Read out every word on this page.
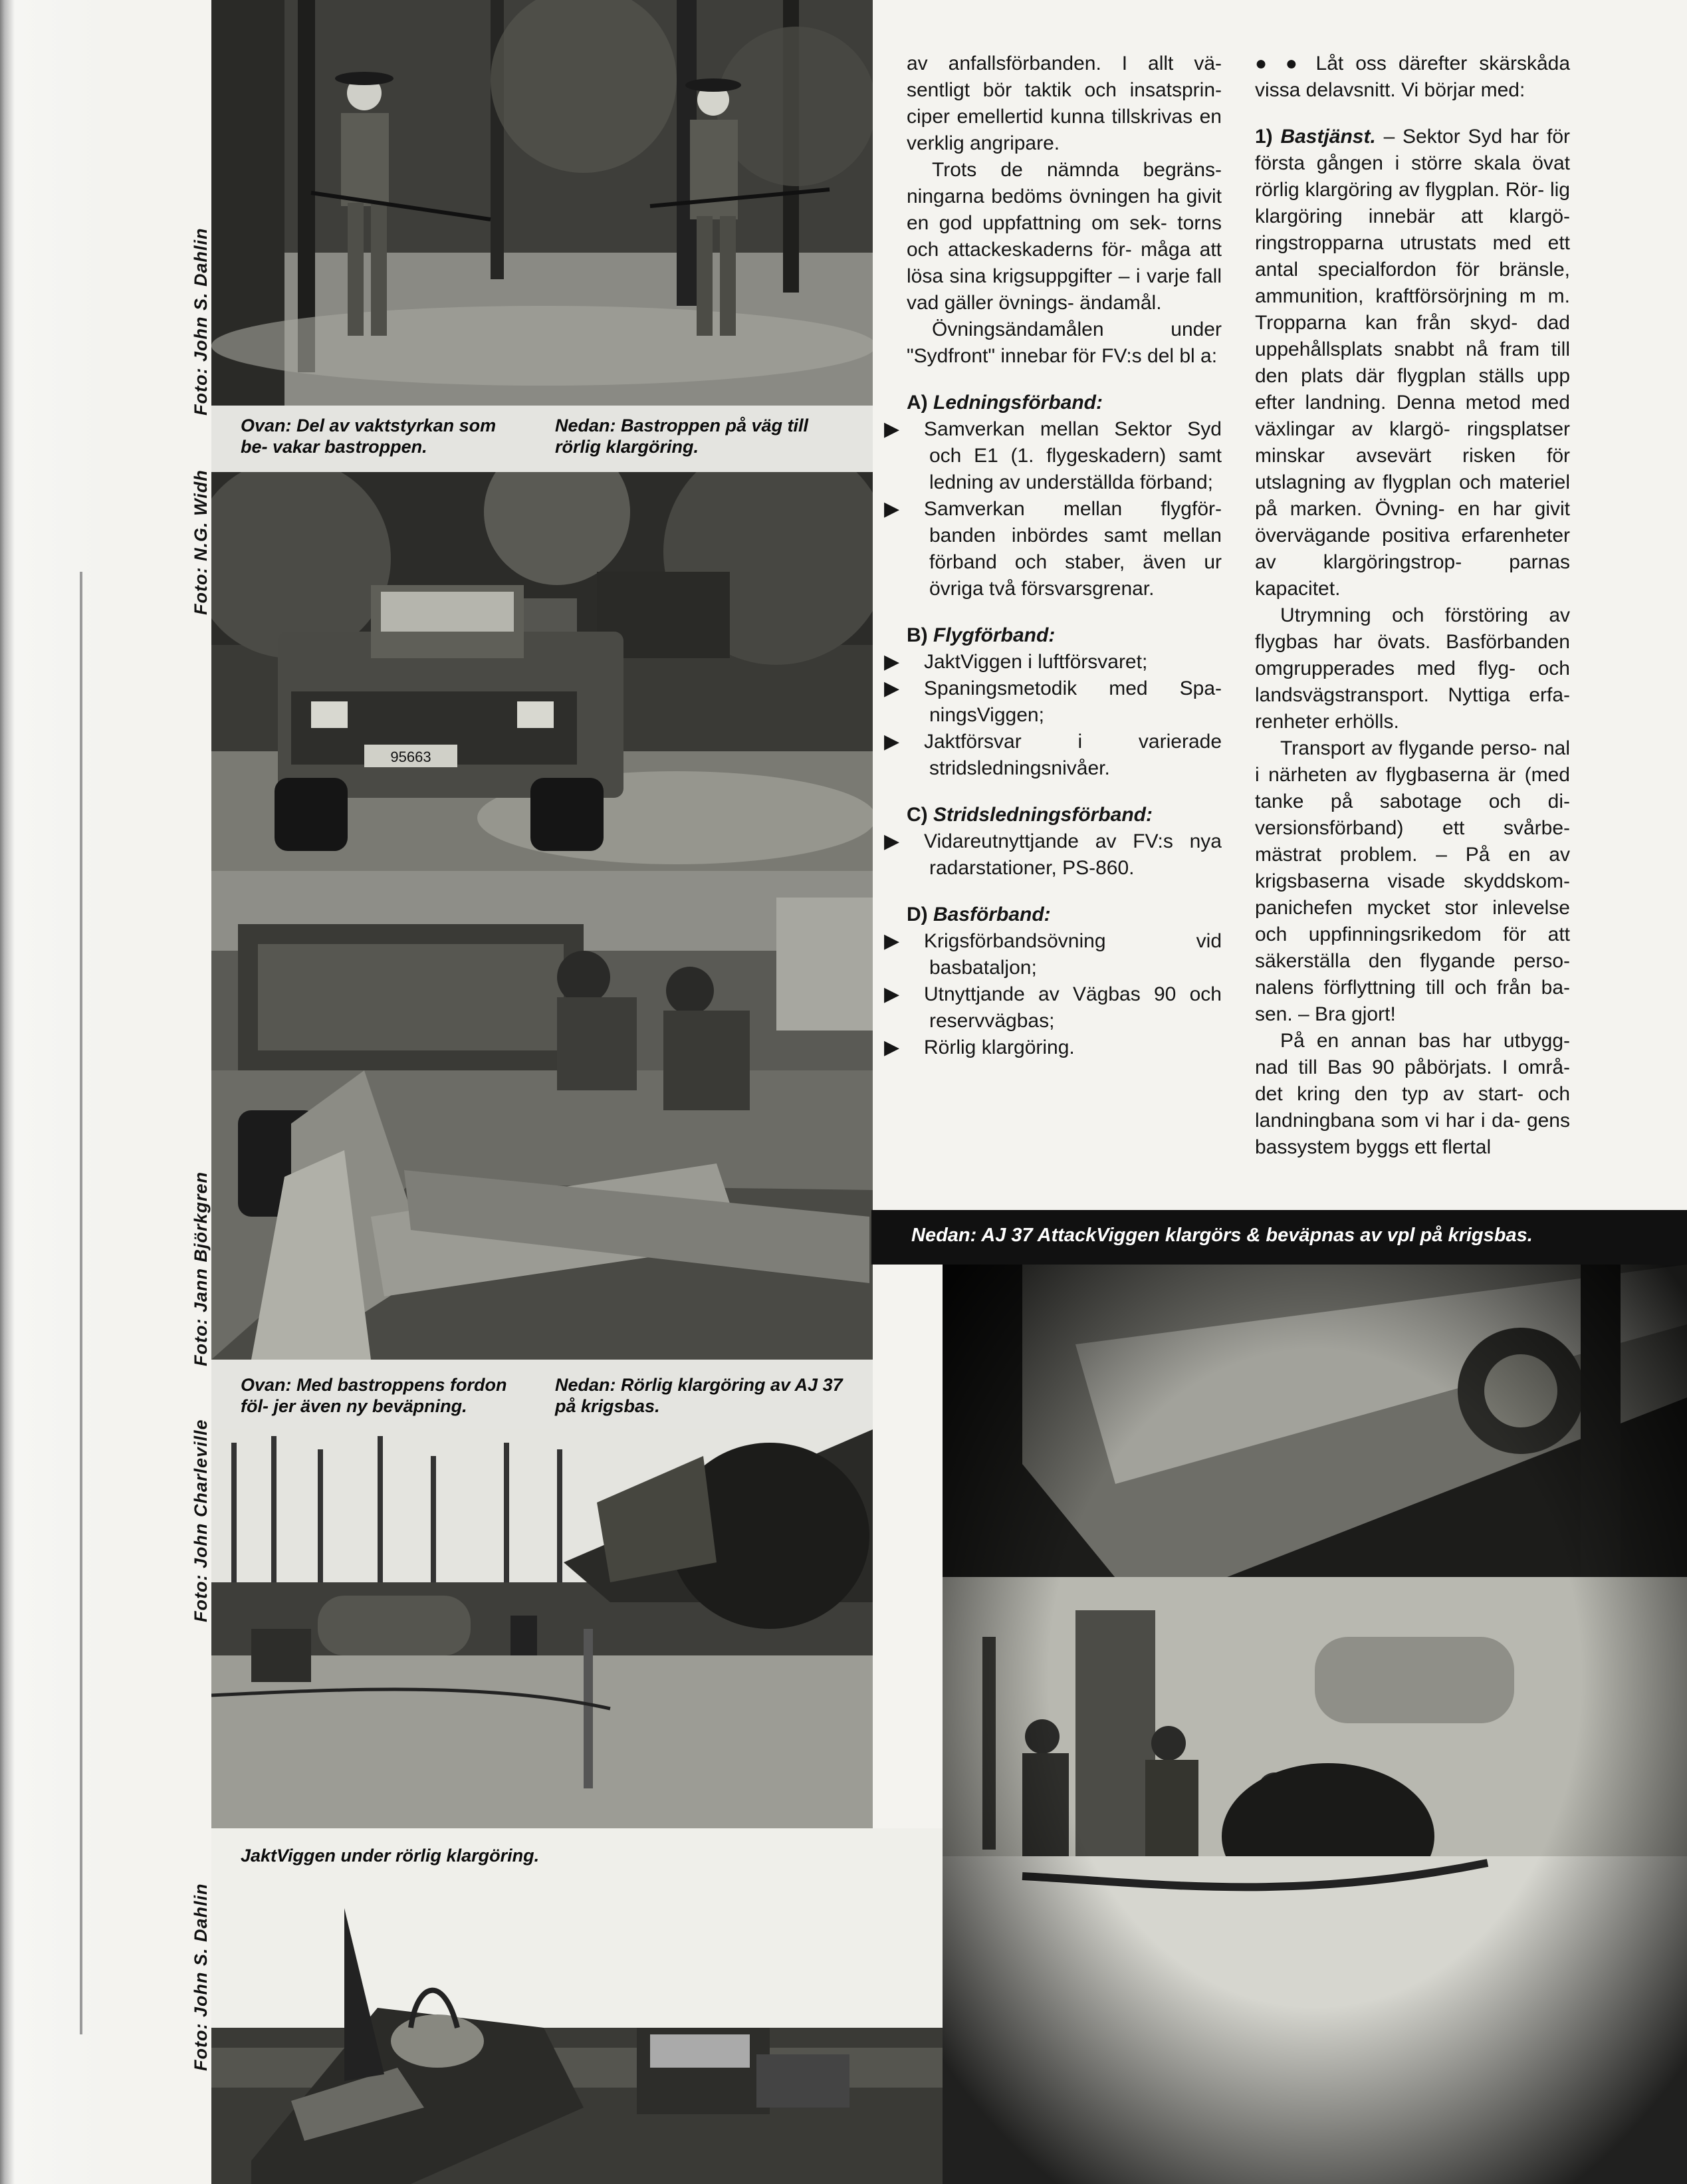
Foto: John S. Dahlin
Foto: N.G. Widh
Foto: Jann Björkgren
Foto: John Charleville
Foto: John S. Dahlin
Ovan: Del av vaktstyrkan som be- vakar bastroppen.
Nedan: Bastroppen på väg till rörlig klargöring.
95663
Ovan: Med bastroppens fordon föl- jer även ny beväpning.
Nedan: Rörlig klargöring av AJ 37 på krigsbas.
JaktViggen under rörlig klargöring.

av anfallsförbanden. I allt vä- sentligt bör taktik och insatsprin- ciper emellertid kunna tillskrivas en verklig angripare.

Trots de nämnda begräns- ningarna bedöms övningen ha givit en god uppfattning om sek- torns och attackeskaderns för- måga att lösa sina krigsuppgifter – i varje fall vad gäller övnings- ändamål.

Övningsändamålen under "Sydfront" innebar för FV:s del bl a:

A) Ledningsförband:

▶ Samverkan mellan Sektor Syd och E1 (1. flygeskadern) samt ledning av underställda förband;

▶ Samverkan mellan flygför- banden inbördes samt mellan förband och staber, även ur övriga två försvarsgrenar.

B) Flygförband:

▶ JaktViggen i luftförsvaret;

▶ Spaningsmetodik med Spa- ningsViggen;

▶ Jaktförsvar i varierade stridsledningsnivåer.

C) Stridsledningsförband:

▶ Vidareutnyttjande av FV:s nya radarstationer, PS-860.

D) Basförband:

▶ Krigsförbandsövning vid basbataljon;

▶ Utnyttjande av Vägbas 90 och reservvägbas;

▶ Rörlig klargöring.

● ● Låt oss därefter skärskåda vissa delavsnitt. Vi börjar med:

1) Bastjänst. – Sektor Syd har för första gången i större skala övat rörlig klargöring av flygplan. Rör- lig klargöring innebär att klargö- ringstropparna utrustats med ett antal specialfordon för bränsle, ammunition, kraftförsörjning m m. Tropparna kan från skyd- dad uppehållsplats snabbt nå fram till den plats där flygplan ställs upp efter landning. Denna metod med växlingar av klargö- ringsplatser minskar avsevärt risken för utslagning av flygplan och materiel på marken. Övning- en har givit övervägande positiva erfarenheter av klargöringstrop- parnas kapacitet.

Utrymning och förstöring av flygbas har övats. Basförbanden omgrupperades med flyg- och landsvägstransport. Nyttiga erfa- renheter erhölls.

Transport av flygande perso- nal i närheten av flygbaserna är (med tanke på sabotage och di- versionsförband) ett svårbe- mästrat problem. – På en av krigsbaserna visade skyddskom- panichefen mycket stor inlevelse och uppfinningsrikedom för att säkerställa den flygande perso- nalens förflyttning till och från ba- sen. – Bra gjort!

På en annan bas har utbygg- nad till Bas 90 påbörjats. I områ- det kring den typ av start- och landningbana som vi har i da- gens bassystem byggs ett flertal

Nedan: AJ 37 AttackViggen klargörs & beväpnas av vpl på krigsbas.
